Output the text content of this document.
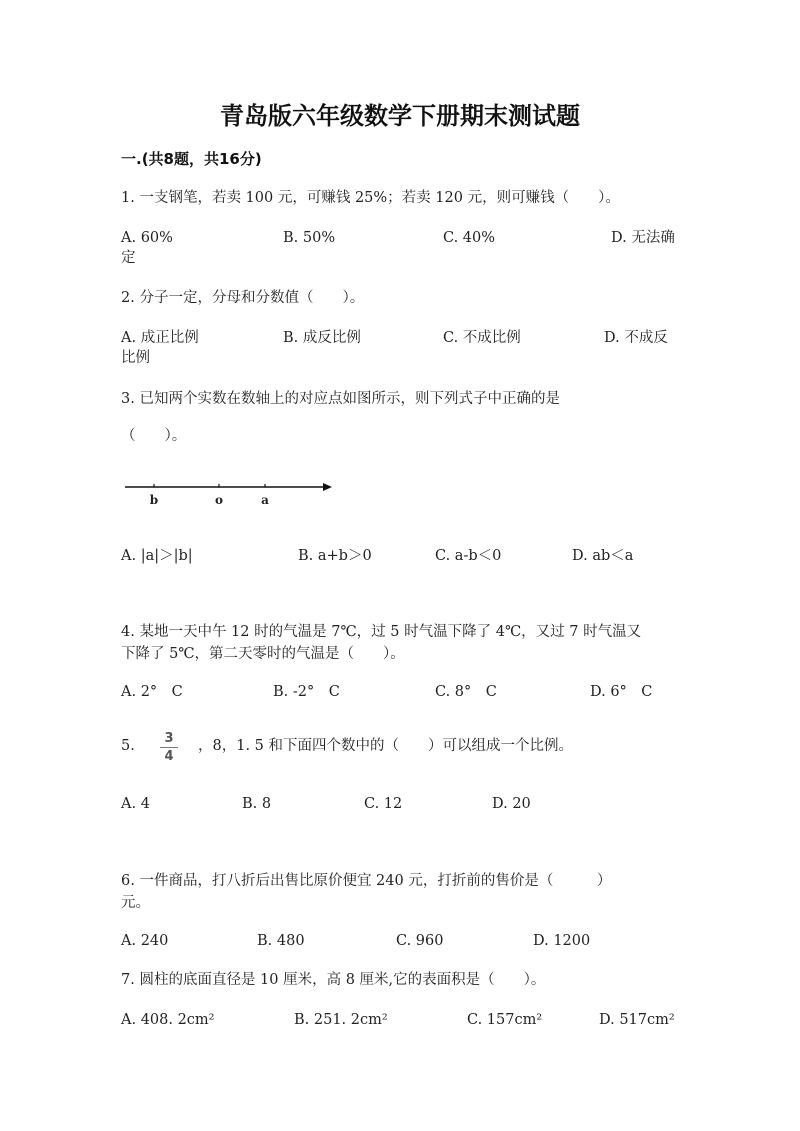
青岛版六年级数学下册期末测试题
一.(共8题，共16分)
1. 一支钢笔，若卖 100 元，可赚钱 25%；若卖 120 元，则可赚钱（　　）。
A. 60%	B. 50%	C. 40%	D. 无法确
定
2. 分子一定，分母和分数值（　　）。
A. 成正比例	B. 成反比例	C. 不成比例	D. 不成反
比例
3. 已知两个实数在数轴上的对应点如图所示，则下列式子中正确的是
（　　）。
b	o	a
A. |a|＞|b|	B. a+b＞0	C. a-b＜0	D. ab＜a
4. 某地一天中午 12 时的气温是 7℃，过 5 时气温下降了 4℃，又过 7 时气温又
下降了 5℃，第二天零时的气温是（　　）。
A. 2°　C	B. -2°　C	C. 8°　C	D. 6°　C
5.	3
4
，8，1. 5 和下面四个数中的（　　）可以组成一个比例。
A. 4	B. 8	C. 12	D. 20
6. 一件商品，打八折后出售比原价便宜 240 元，打折前的售价是（　　　）
元。
A. 240	B. 480	C. 960	D. 1200
7. 圆柱的底面直径是 10 厘米，高 8 厘米,它的表面积是（　　）。
A. 408. 2cm²	B. 251. 2cm²	C. 157cm²	D. 517cm²
